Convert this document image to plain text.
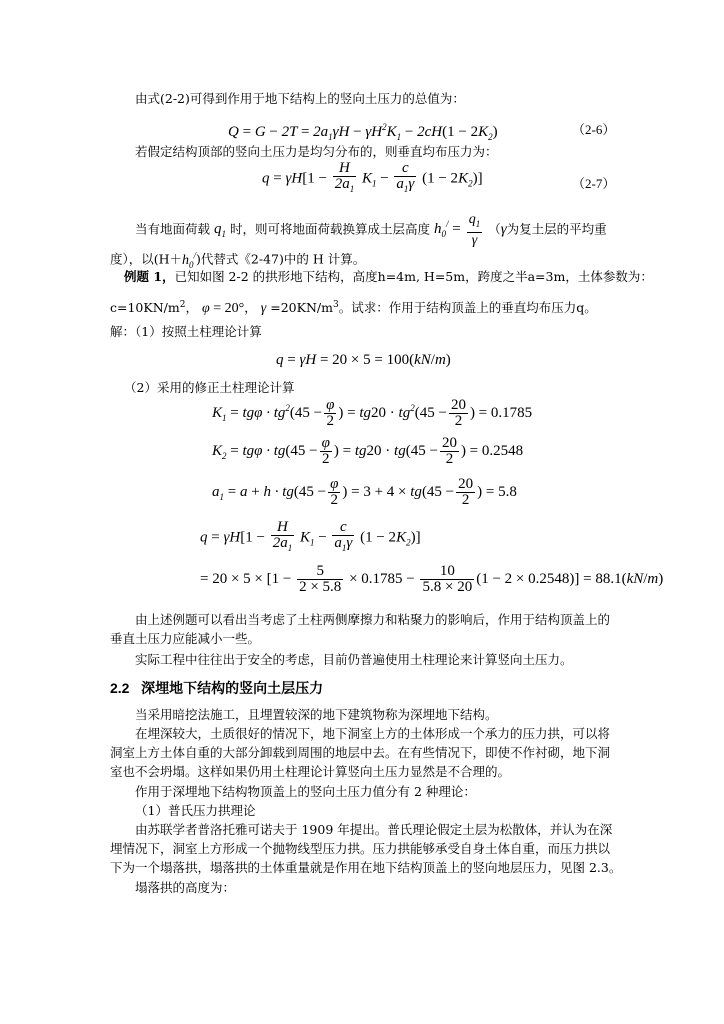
由式(2-2)可得到作用于地下结构上的竖向土压力的总值为：
$Q = G - 2T = 2a_1\gamma H - \gamma H^2K_1 - 2cH(1 - 2K_2)$	（2-6）
若假定结构顶部的竖向土压力是均匀分布的，则垂直均布压力为：
$q = \gamma H[1 - \frac{H}{2a_1} K_1 - \frac{c}{a_1\gamma} (1 - 2K_2)]$	（2-7）
当有地面荷载 $q_1$ 时，则可将地面荷载换算成土层高度 $h_0^/ = \frac{q_1}{\gamma} (\gamma$为复土层的平均重
度），以$(H+h_0^/)$代替式《2-47)中的 H 计算。
例题 1，已知如图 2-2 的拱形地下结构，高度h=4m, H=5m，跨度之半a=3m，土体参数为：
$c=10KN/m^2$， φ = 20°， $\gamma =20KN/m^3$。试求：作用于结构顶盖上的垂直均布压力q。
解：（1）按照土柱理论计算
q = γH = 20 × 5 = 100(kN/m)
（2）采用的修正土柱理论计算
$K_1 = tg\varphi \cdot tg^2(45 - \frac{\varphi}{2}$ ) = $tg20 \cdot tg^2(45 - \frac{20}{2}$ ) = 0.1785
$K_2 = tg\varphi \cdot tg(45 - \frac{\varphi}{2}$ ) = $tg20 \cdot tg(45 - \frac{20}{2}$ ) = 0.2548
$a_1 = a + h \cdot tg(45 - \frac{\varphi}{2}$ ) = $3 + 4 \times tg(45 - \frac{20}{2}$ ) = 5.8
$q = \gamma H[1 - \frac{H}{2a_1} K_1 - \frac{c}{a_1\gamma} (1 - 2K_2)]$
= $20 \times 5 \times [1 - \frac{5}{2 \times 5.8} \times 0.1785 - \frac{10}{5.8 \times 20} (1 - 2 \times 0.2548)] = 88.1(kN/m)$
由上述例题可以看出当考虑了土柱两侧摩擦力和粘聚力的影响后，作用于结构顶盖上的
垂直土压力应能减小一些。
实际工程中往往出于安全的考虑，目前仍普遍使用土柱理论来计算竖向土压力。
2.2 深埋地下结构的竖向土层压力
当采用暗挖法施工，且埋置较深的地下建筑物称为深埋地下结构。
在埋深较大，土质很好的情况下，地下洞室上方的土体形成一个承力的压力拱，可以将
洞室上方土体自重的大部分卸载到周围的地层中去。在有些情况下，即使不作衬砌，地下洞
室也不会坍塌。这样如果仍用土柱理论计算竖向土压力显然是不合理的。
作用于深埋地下结构物顶盖上的竖向土压力值分有 2 种理论：
（1）普氏压力拱理论
由苏联学者普洛托雅可诺夫于 1909 年提出。普氏理论假定土层为松散体，并认为在深
埋情况下，洞室上方形成一个抛物线型压力拱。压力拱能够承受自身土体自重，而压力拱以
下为一个塌落拱，塌落拱的土体重量就是作用在地下结构顶盖上的竖向地层压力，见图 2.3。
塌落拱的高度为：
